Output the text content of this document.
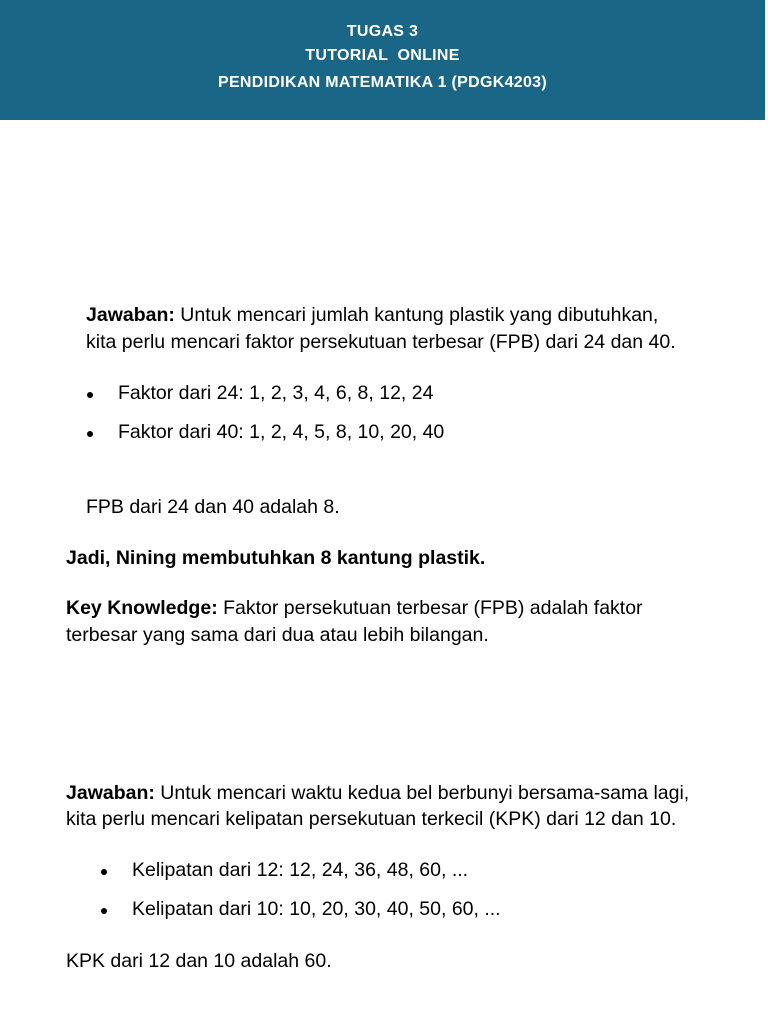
TUGAS 3
TUTORIAL  ONLINE
PENDIDIKAN MATEMATIKA 1 (PDGK4203)
Jawaban: Untuk mencari jumlah kantung plastik yang dibutuhkan,
kita perlu mencari faktor persekutuan terbesar (FPB) dari 24 dan 40.
Faktor dari 24: 1, 2, 3, 4, 6, 8, 12, 24
Faktor dari 40: 1, 2, 4, 5, 8, 10, 20, 40
FPB dari 24 dan 40 adalah 8.
Jadi, Nining membutuhkan 8 kantung plastik.
Key Knowledge: Faktor persekutuan terbesar (FPB) adalah faktor
terbesar yang sama dari dua atau lebih bilangan.
Jawaban: Untuk mencari waktu kedua bel berbunyi bersama-sama lagi,
kita perlu mencari kelipatan persekutuan terkecil (KPK) dari 12 dan 10.
Kelipatan dari 12: 12, 24, 36, 48, 60, ...
Kelipatan dari 10: 10, 20, 30, 40, 50, 60, ...
KPK dari 12 dan 10 adalah 60.
